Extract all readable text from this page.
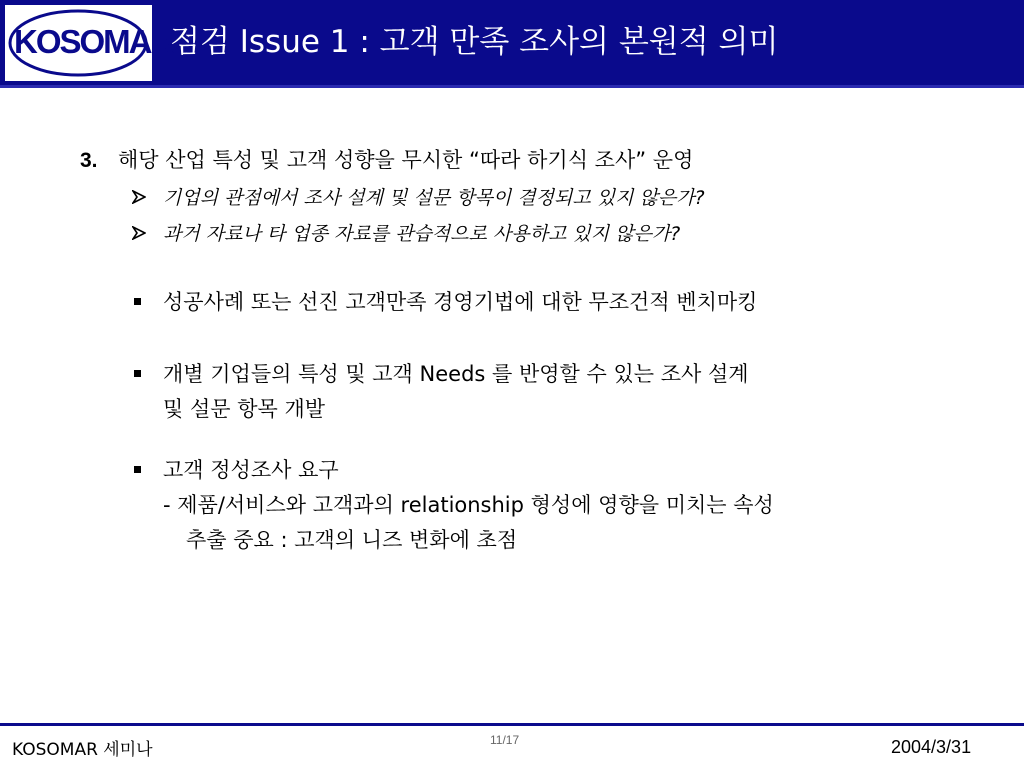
KOSOMAR
점검 Issue 1 : 고객 만족 조사의 본원적 의미
3. 해당 산업 특성 및 고객 성향을 무시한 “따라 하기식 조사” 운영
기업의 관점에서 조사 설계 및 설문 항목이 결정되고 있지 않은가?
과거 자료나 타 업종 자료를 관습적으로 사용하고 있지 않은가?
성공사례 또는 선진 고객만족 경영기법에 대한 무조건적 벤치마킹
개별 기업들의 특성 및 고객 Needs 를 반영할 수 있는 조사 설계
및 설문 항목 개발
고객 정성조사 요구
- 제품/서비스와 고객과의 relationship 형성에 영향을 미치는 속성
추출 중요 : 고객의 니즈 변화에 초점
KOSOMAR 세미나	11/17	2004/3/31
